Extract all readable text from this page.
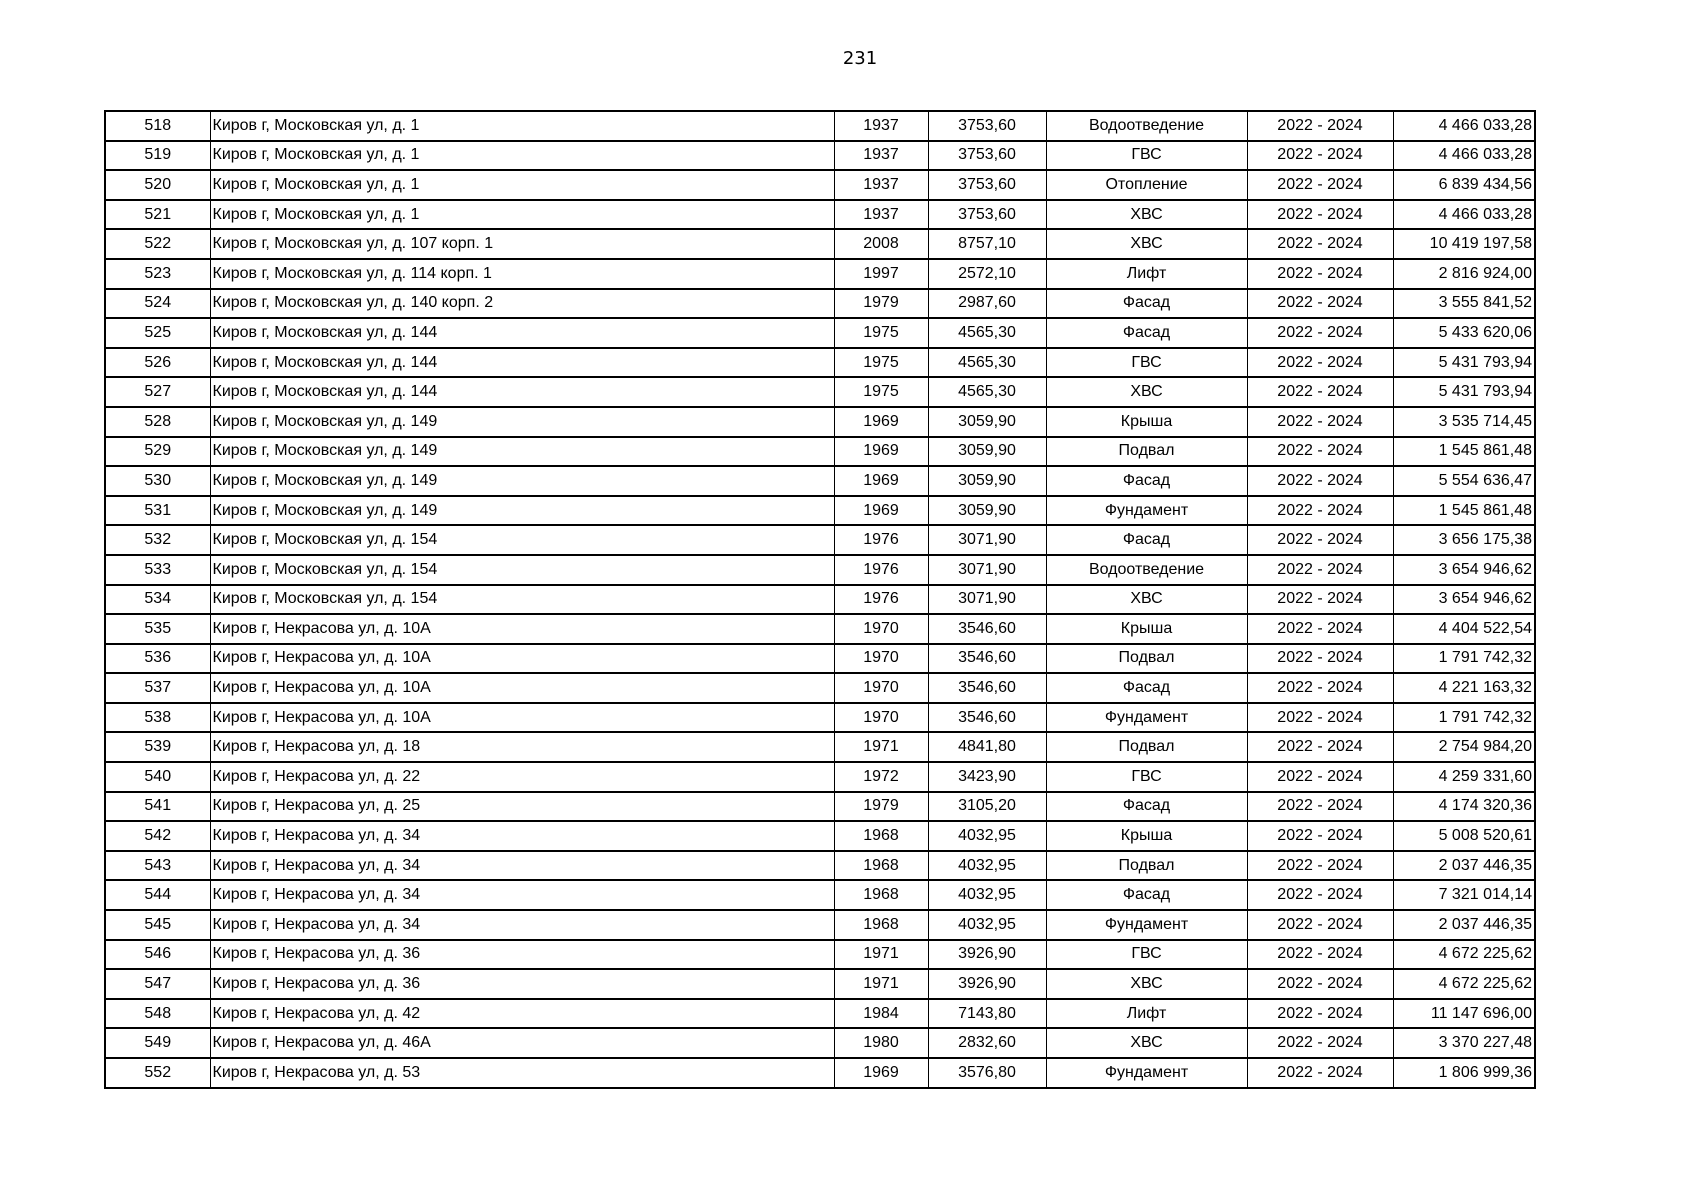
231
518	Киров г, Московская ул, д. 1	1937	3753,60	Водоотведение	2022 - 2024	4 466 033,28
519	Киров г, Московская ул, д. 1	1937	3753,60	ГВС	2022 - 2024	4 466 033,28
520	Киров г, Московская ул, д. 1	1937	3753,60	Отопление	2022 - 2024	6 839 434,56
521	Киров г, Московская ул, д. 1	1937	3753,60	ХВС	2022 - 2024	4 466 033,28
522	Киров г, Московская ул, д. 107 корп. 1	2008	8757,10	ХВС	2022 - 2024	10 419 197,58
523	Киров г, Московская ул, д. 114 корп. 1	1997	2572,10	Лифт	2022 - 2024	2 816 924,00
524	Киров г, Московская ул, д. 140 корп. 2	1979	2987,60	Фасад	2022 - 2024	3 555 841,52
525	Киров г, Московская ул, д. 144	1975	4565,30	Фасад	2022 - 2024	5 433 620,06
526	Киров г, Московская ул, д. 144	1975	4565,30	ГВС	2022 - 2024	5 431 793,94
527	Киров г, Московская ул, д. 144	1975	4565,30	ХВС	2022 - 2024	5 431 793,94
528	Киров г, Московская ул, д. 149	1969	3059,90	Крыша	2022 - 2024	3 535 714,45
529	Киров г, Московская ул, д. 149	1969	3059,90	Подвал	2022 - 2024	1 545 861,48
530	Киров г, Московская ул, д. 149	1969	3059,90	Фасад	2022 - 2024	5 554 636,47
531	Киров г, Московская ул, д. 149	1969	3059,90	Фундамент	2022 - 2024	1 545 861,48
532	Киров г, Московская ул, д. 154	1976	3071,90	Фасад	2022 - 2024	3 656 175,38
533	Киров г, Московская ул, д. 154	1976	3071,90	Водоотведение	2022 - 2024	3 654 946,62
534	Киров г, Московская ул, д. 154	1976	3071,90	ХВС	2022 - 2024	3 654 946,62
535	Киров г, Некрасова ул, д. 10А	1970	3546,60	Крыша	2022 - 2024	4 404 522,54
536	Киров г, Некрасова ул, д. 10А	1970	3546,60	Подвал	2022 - 2024	1 791 742,32
537	Киров г, Некрасова ул, д. 10А	1970	3546,60	Фасад	2022 - 2024	4 221 163,32
538	Киров г, Некрасова ул, д. 10А	1970	3546,60	Фундамент	2022 - 2024	1 791 742,32
539	Киров г, Некрасова ул, д. 18	1971	4841,80	Подвал	2022 - 2024	2 754 984,20
540	Киров г, Некрасова ул, д. 22	1972	3423,90	ГВС	2022 - 2024	4 259 331,60
541	Киров г, Некрасова ул, д. 25	1979	3105,20	Фасад	2022 - 2024	4 174 320,36
542	Киров г, Некрасова ул, д. 34	1968	4032,95	Крыша	2022 - 2024	5 008 520,61
543	Киров г, Некрасова ул, д. 34	1968	4032,95	Подвал	2022 - 2024	2 037 446,35
544	Киров г, Некрасова ул, д. 34	1968	4032,95	Фасад	2022 - 2024	7 321 014,14
545	Киров г, Некрасова ул, д. 34	1968	4032,95	Фундамент	2022 - 2024	2 037 446,35
546	Киров г, Некрасова ул, д. 36	1971	3926,90	ГВС	2022 - 2024	4 672 225,62
547	Киров г, Некрасова ул, д. 36	1971	3926,90	ХВС	2022 - 2024	4 672 225,62
548	Киров г, Некрасова ул, д. 42	1984	7143,80	Лифт	2022 - 2024	11 147 696,00
549	Киров г, Некрасова ул, д. 46А	1980	2832,60	ХВС	2022 - 2024	3 370 227,48
552	Киров г, Некрасова ул, д. 53	1969	3576,80	Фундамент	2022 - 2024	1 806 999,36
